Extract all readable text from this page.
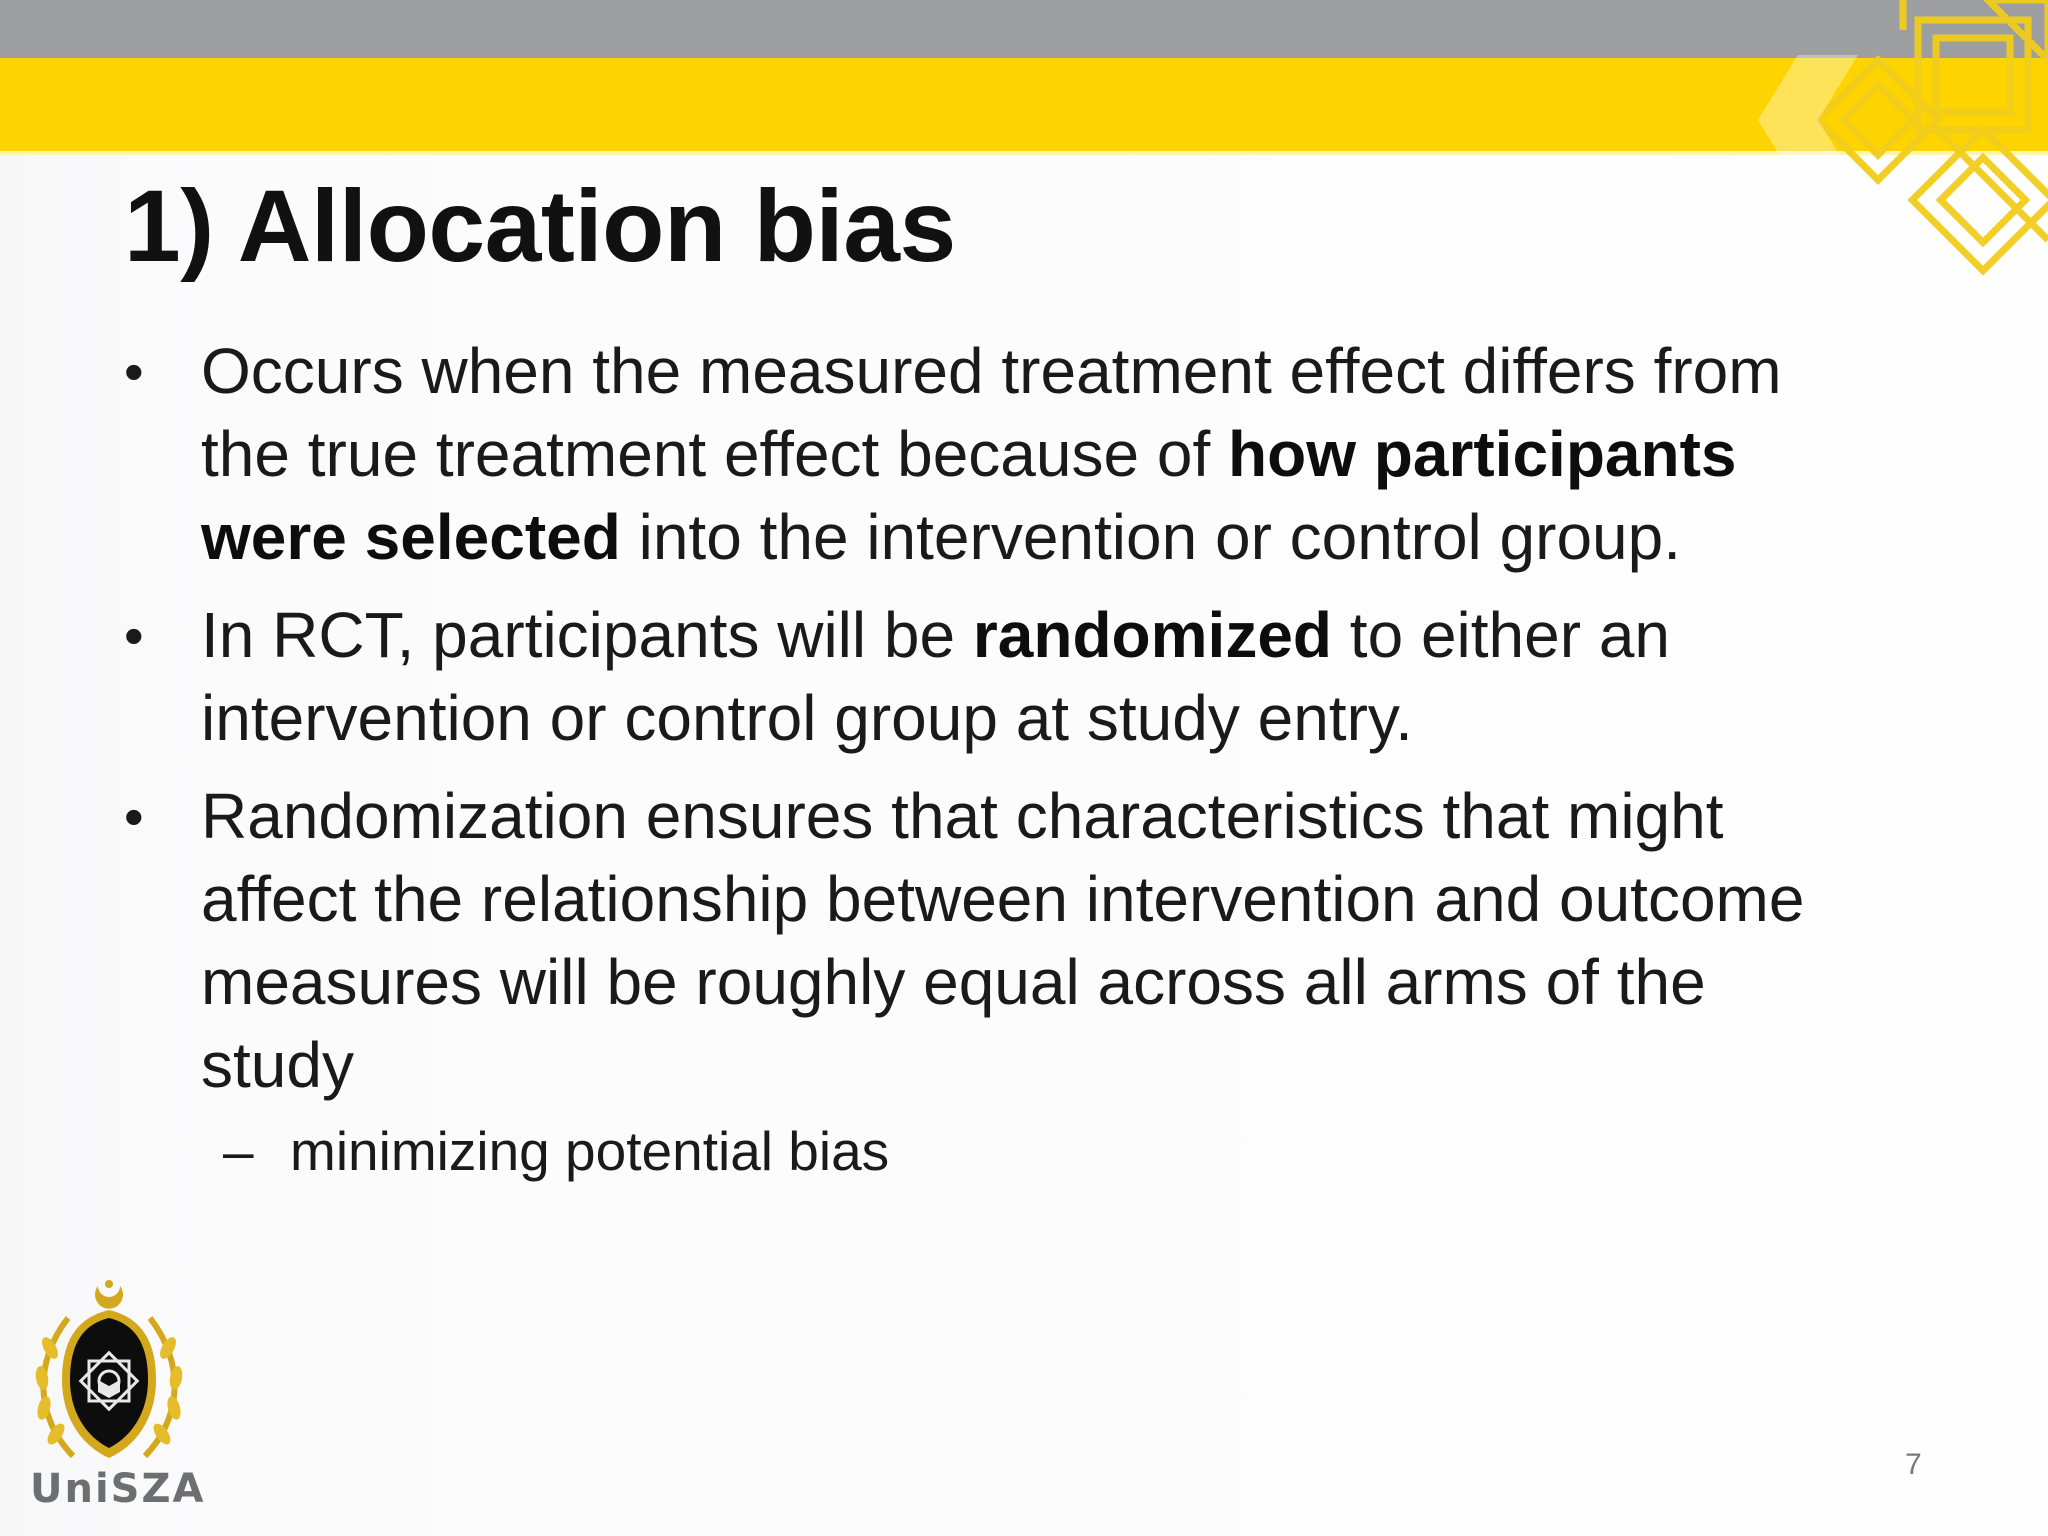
1) Allocation bias
• Occurs when the measured treatment effect differs from
the true treatment effect because of how participants
were selected into the intervention or control group.
• In RCT, participants will be randomized to either an
intervention or control group at study entry.
• Randomization ensures that characteristics that might
affect the relationship between intervention and outcome
measures will be roughly equal across all arms of the
study
– minimizing potential bias
UniSZA
7
